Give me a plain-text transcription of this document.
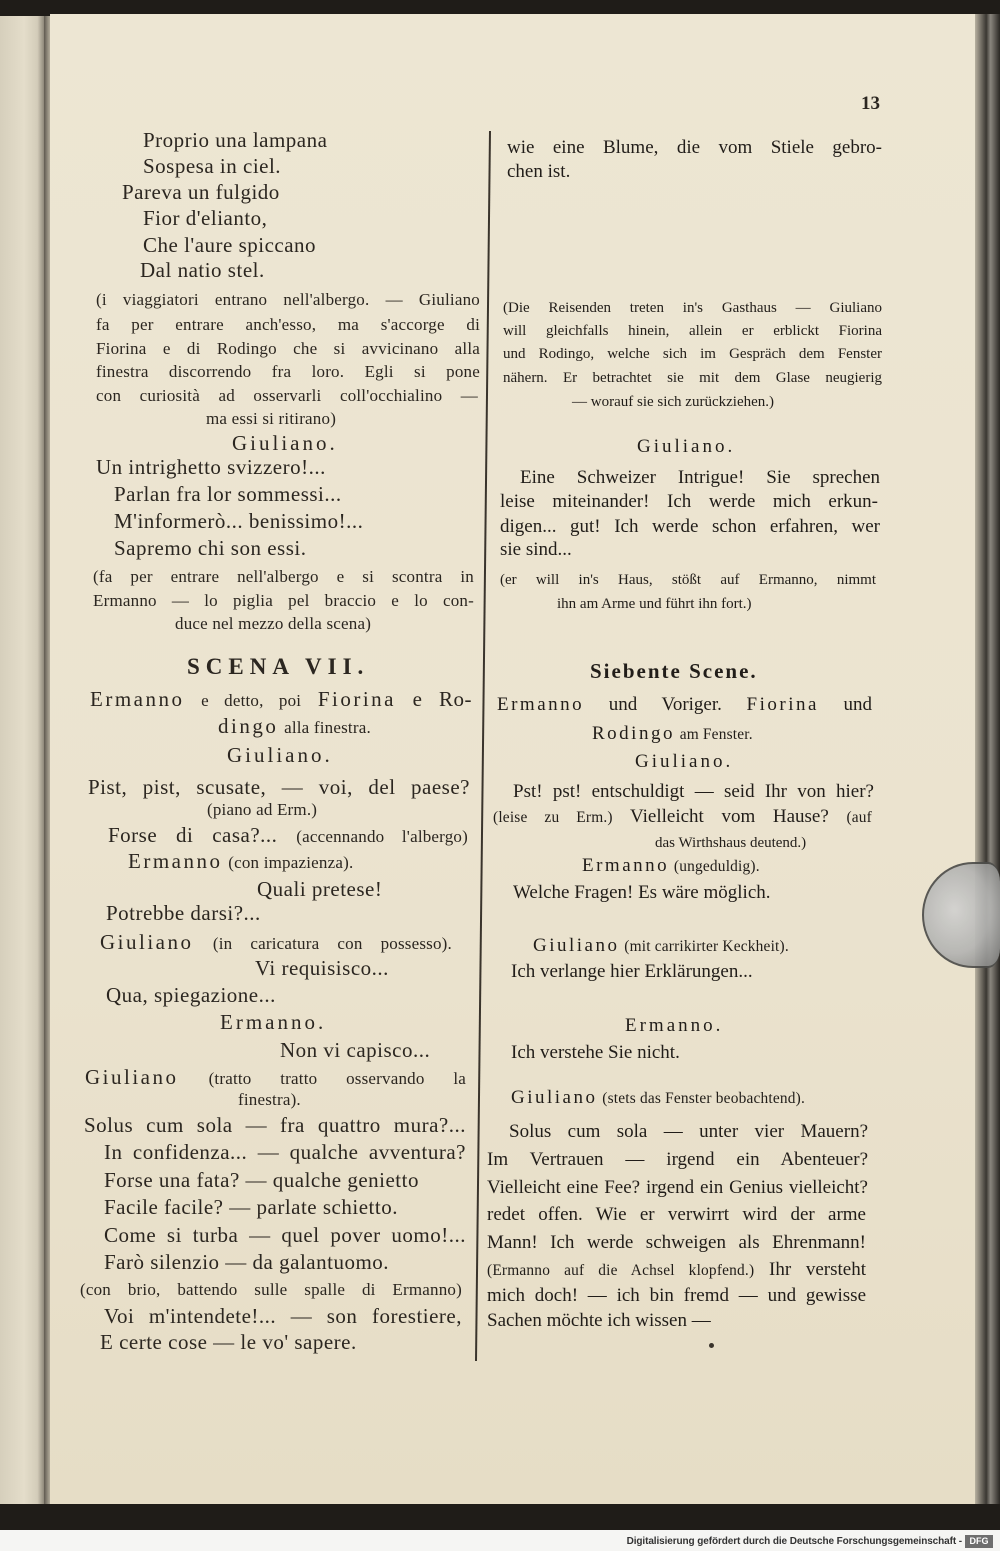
13
Proprio una lampana
Sospesa in ciel.
Pareva un fulgido
Fior d'elianto,
Che l'aure spiccano
Dal natio stel.
(i viaggiatori entrano nell'albergo. — Giuliano
fa per entrare anch'esso, ma s'accorge di
Fiorina e di Rodingo che si avvicinano alla
finestra discorrendo fra loro. Egli si pone
con curiosità ad osservarli coll'occhialino —
ma essi si ritirano)
Giuliano.
Un intrighetto svizzero!...
Parlan fra lor sommessi...
M'informerò... benissimo!...
Sapremo chi son essi.
(fa per entrare nell'albergo e si scontra in
Ermanno — lo piglia pel braccio e lo con-
duce nel mezzo della scena)
SCENA VII.
Ermanno e detto, poi Fiorina e Ro-
dingo alla finestra.
Giuliano.
Pist, pist, scusate, — voi, del paese?
(piano ad Erm.)
Forse di casa?... (accennando l'albergo)
Ermanno (con impazienza).
Quali pretese!
Potrebbe darsi?...
Giuliano (in caricatura con possesso).
Vi requisisco...
Qua, spiegazione...
Ermanno.
Non vi capisco...
Giuliano (tratto tratto osservando la
finestra).
Solus cum sola — fra quattro mura?...
In confidenza... — qualche avventura?
Forse una fata? — qualche genietto
Facile facile? — parlate schietto.
Come si turba — quel pover uomo!...
Farò silenzio — da galantuomo.
(con brio, battendo sulle spalle di Ermanno)
Voi m'intendete!... — son forestiere,
E certe cose — le vo' sapere.
wie eine Blume, die vom Stiele gebro-
chen ist.
(Die Reisenden treten in's Gasthaus — Giuliano
will gleichfalls hinein, allein er erblickt Fiorina
und Rodingo, welche sich im Gespräch dem Fenster
nähern. Er betrachtet sie mit dem Glase neugierig
— worauf sie sich zurückziehen.)
Giuliano.
Eine Schweizer Intrigue! Sie sprechen
leise miteinander! Ich werde mich erkun-
digen... gut! Ich werde schon erfahren, wer
sie sind...
(er will in's Haus, stößt auf Ermanno, nimmt
ihn am Arme und führt ihn fort.)
Siebente Scene.
Ermanno und Voriger. Fiorina und
Rodingo am Fenster.
Giuliano.
Pst! pst! entschuldigt — seid Ihr von hier?
(leise zu Erm.) Vielleicht vom Hause? (auf
das Wirthshaus deutend.)
Ermanno (ungeduldig).
Welche Fragen! Es wäre möglich.
Giuliano (mit carrikirter Keckheit).
Ich verlange hier Erklärungen...
Ermanno.
Ich verstehe Sie nicht.
Giuliano (stets das Fenster beobachtend).
Solus cum sola — unter vier Mauern?
Im Vertrauen — irgend ein Abenteuer?
Vielleicht eine Fee? irgend ein Genius vielleicht?
redet offen. Wie er verwirrt wird der arme
Mann! Ich werde schweigen als Ehrenmann!
(Ermanno auf die Achsel klopfend.) Ihr versteht
mich doch! — ich bin fremd — und gewisse
Sachen möchte ich wissen —
Digitalisierung gefördert durch die Deutsche Forschungsgemeinschaft - DFG
